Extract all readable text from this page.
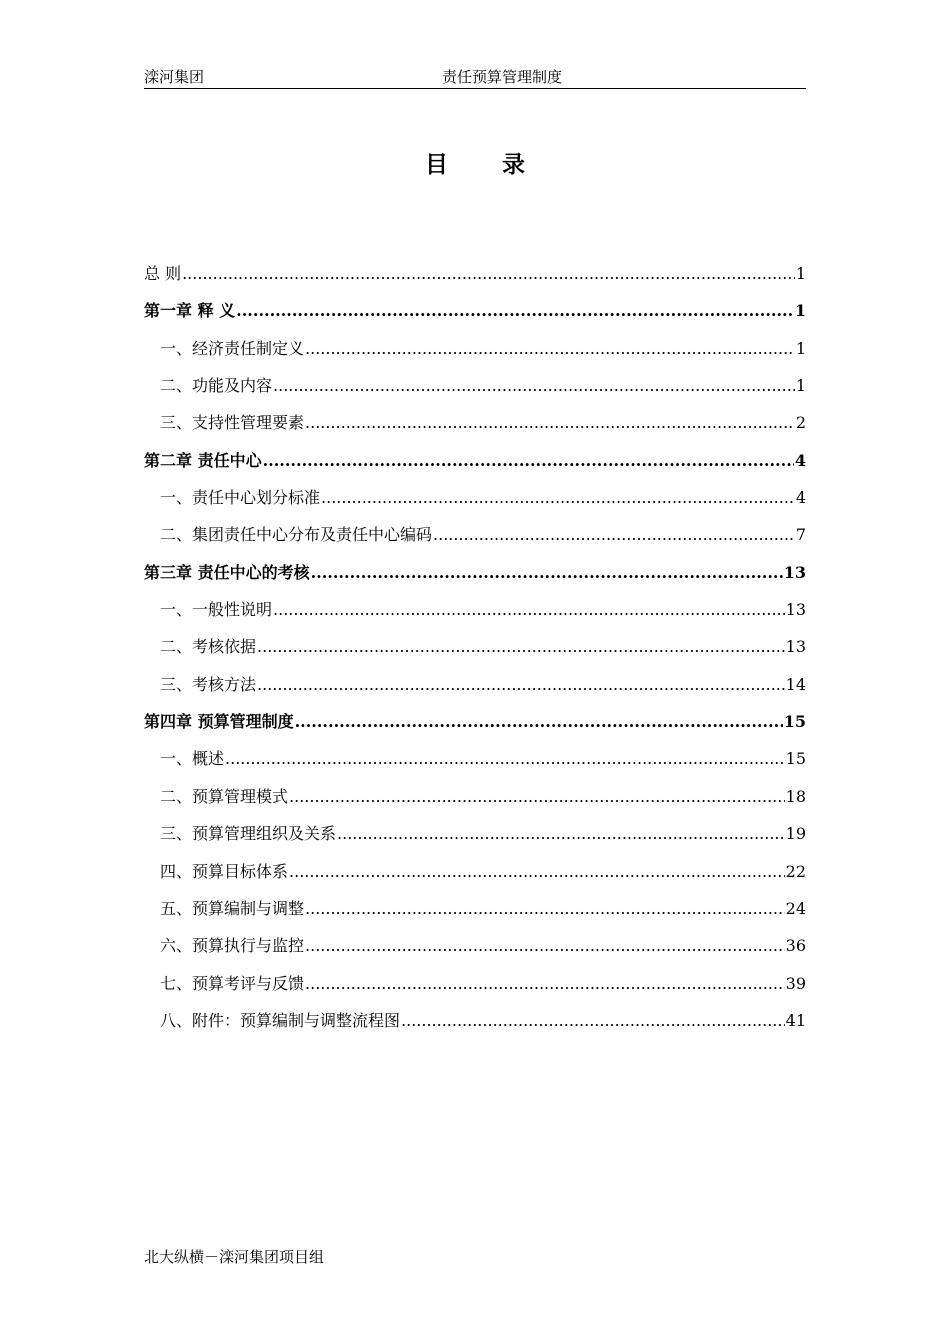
滦河集团	责任预算管理制度
目录
总 则 .....	1
第一章 释 义 .....	1
一、经济责任制定义 .....	1
二、功能及内容 .....	1
三、支持性管理要素 .....	2
第二章 责任中心 .....	4
一、责任中心划分标准 .....	4
二、集团责任中心分布及责任中心编码 .....	7
第三章 责任中心的考核 .....	13
一、一般性说明 .....	13
二、考核依据 .....	13
三、考核方法 .....	14
第四章 预算管理制度 .....	15
一、概述 .....	15
二、预算管理模式 .....	18
三、预算管理组织及关系 .....	19
四、预算目标体系 .....	22
五、预算编制与调整 .....	24
六、预算执行与监控 .....	36
七、预算考评与反馈 .....	39
八、附件：预算编制与调整流程图 .....	41
北大纵横－滦河集团项目组
